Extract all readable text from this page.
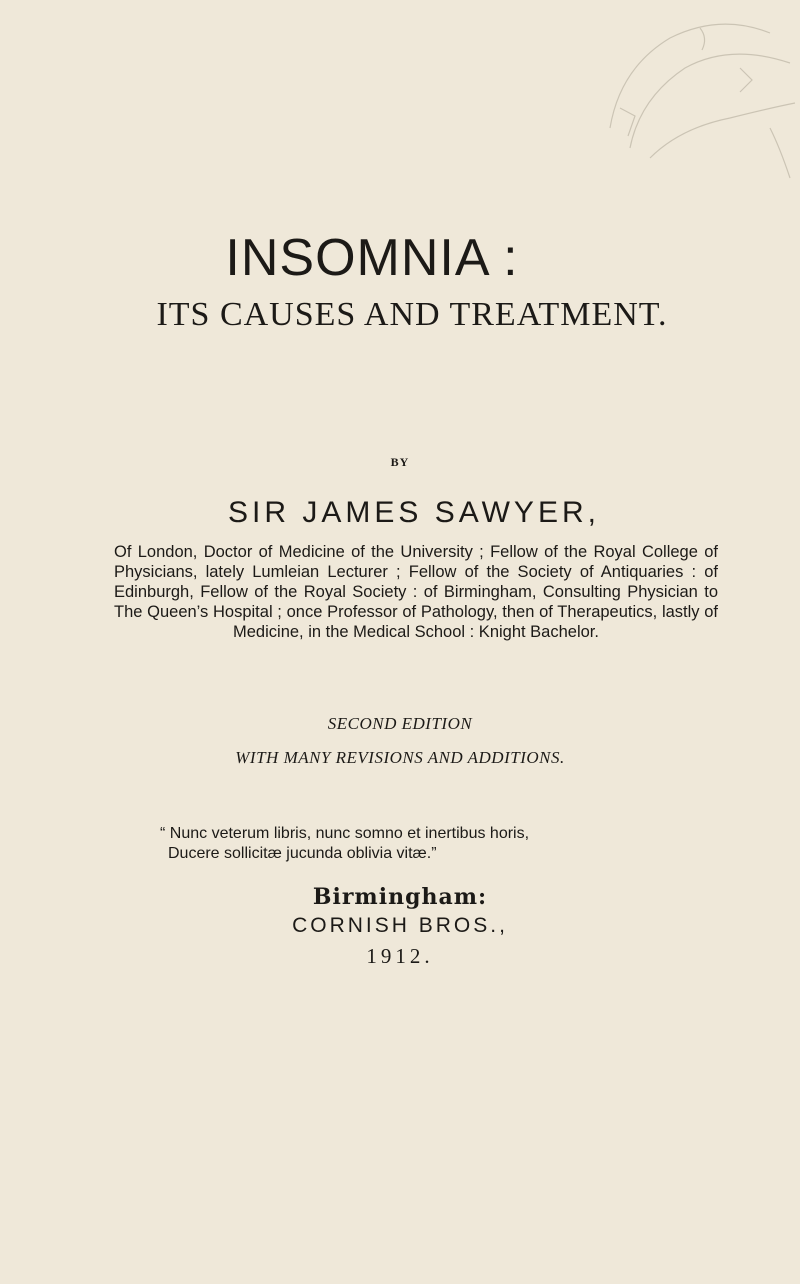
INSOMNIA :
ITS CAUSES AND TREATMENT.
BY
SIR JAMES SAWYER,
Of London, Doctor of Medicine of the University ; Fellow of the Royal College of Physicians, lately Lumleian Lecturer ; Fellow of the Society of Antiquaries : of Edinburgh, Fellow of the Royal Society : of Birmingham, Consulting Physician to The Queen’s Hospital ; once Professor of Pathology, then of Therapeutics, lastly of Medicine, in the Medical School : Knight Bachelor.
SECOND EDITION
WITH MANY REVISIONS AND ADDITIONS.
“ Nunc veterum libris, nunc somno et inertibus horis,
Ducere sollicitæ jucunda oblivia vitæ.”
Birmingham:
CORNISH BROS.,
1912.
